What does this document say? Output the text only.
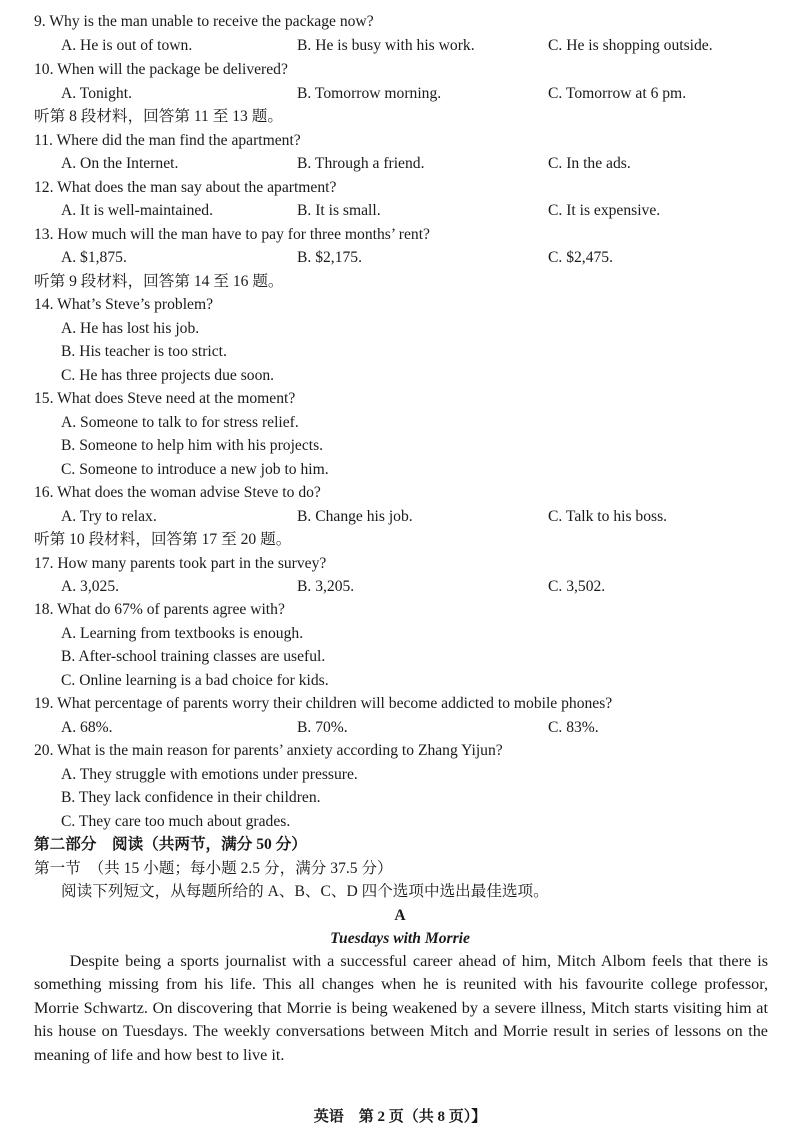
9. Why is the man unable to receive the package now?
A. He is out of town.	B. He is busy with his work.	C. He is shopping outside.
10. When will the package be delivered?
A. Tonight.	B. Tomorrow morning.	C. Tomorrow at 6 pm.
听第 8 段材料，回答第 11 至 13 题。
11. Where did the man find the apartment?
A. On the Internet.	B. Through a friend.	C. In the ads.
12. What does the man say about the apartment?
A. It is well-maintained.	B. It is small.	C. It is expensive.
13. How much will the man have to pay for three months’ rent?
A. $1,875.	B. $2,175.	C. $2,475.
听第 9 段材料，回答第 14 至 16 题。
14. What’s Steve’s problem?
A. He has lost his job.
B. His teacher is too strict.
C. He has three projects due soon.
15. What does Steve need at the moment?
A. Someone to talk to for stress relief.
B. Someone to help him with his projects.
C. Someone to introduce a new job to him.
16. What does the woman advise Steve to do?
A. Try to relax.	B. Change his job.	C. Talk to his boss.
听第 10 段材料，回答第 17 至 20 题。
17. How many parents took part in the survey?
A. 3,025.	B. 3,205.	C. 3,502.
18. What do 67% of parents agree with?
A. Learning from textbooks is enough.
B. After-school training classes are useful.
C. Online learning is a bad choice for kids.
19. What percentage of parents worry their children will become addicted to mobile phones?
A. 68%.	B. 70%.	C. 83%.
20. What is the main reason for parents’ anxiety according to Zhang Yijun?
A. They struggle with emotions under pressure.
B. They lack confidence in their children.
C. They care too much about grades.
第二部分　阅读（共两节，满分 50 分）
第一节　（共 15 小题；每小题 2.5 分，满分 37.5 分）
阅读下列短文，从每题所给的 A、B、C、D 四个选项中选出最佳选项。
A
Tuesdays with Morrie
Despite being a sports journalist with a successful career ahead of him, Mitch Albom feels that there is something missing from his life. This all changes when he is reunited with his favourite college professor, Morrie Schwartz. On discovering that Morrie is being weakened by a severe illness, Mitch starts visiting him at his house on Tuesdays. The weekly conversations between Mitch and Morrie result in series of lessons on the meaning of life and how best to live it.
英语　第 2 页（共 8 页）】
